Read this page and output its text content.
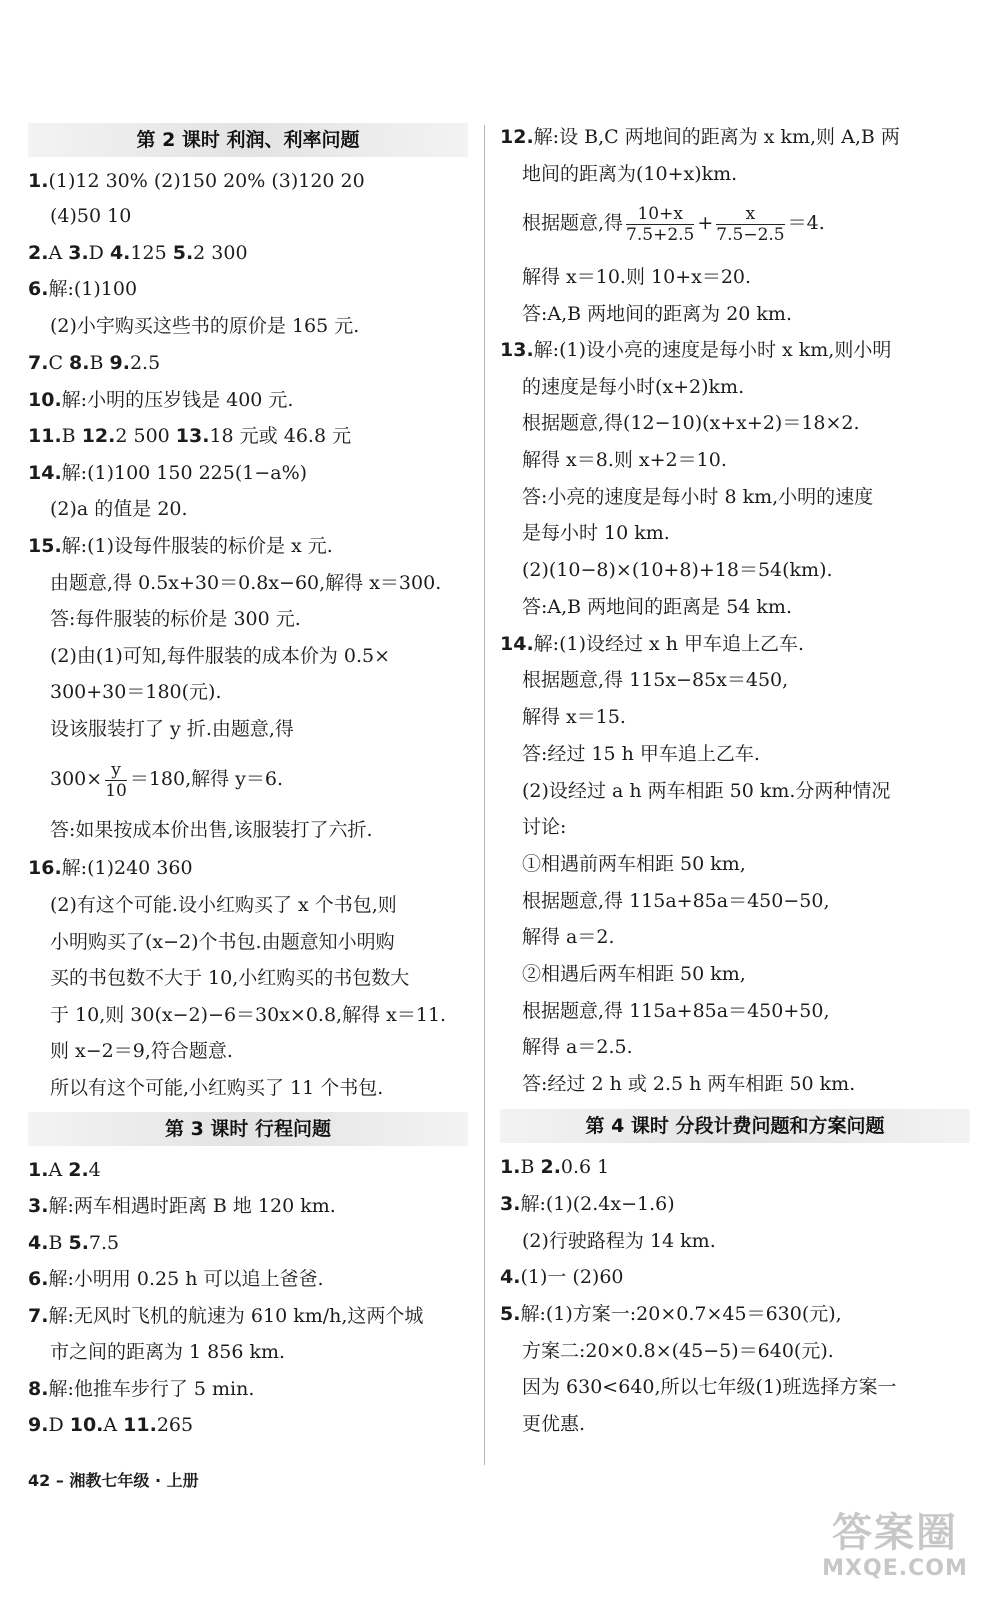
第 2 课时 利润、利率问题
1.(1)12 30% (2)150 20% (3)120 20
(4)50 10
2.A 3.D 4.125 5.2 300
6.解:(1)100
(2)小宇购买这些书的原价是 165 元.
7.C 8.B 9.2.5
10.解:小明的压岁钱是 400 元.
11.B 12.2 500 13.18 元或 46.8 元
14.解:(1)100 150 225(1−a%)
(2)a 的值是 20.
15.解:(1)设每件服装的标价是 x 元.
由题意,得 0.5x+30＝0.8x−60,解得 x＝300.
答:每件服装的标价是 300 元.
(2)由(1)可知,每件服装的成本价为 0.5×
300+30＝180(元).
设该服装打了 y 折.由题意,得
$300\times \frac{y}{10} =180$,解得 y＝6.
答:如果按成本价出售,该服装打了六折.
16.解:(1)240 360
(2)有这个可能.设小红购买了 x 个书包,则
小明购买了(x−2)个书包.由题意知小明购
买的书包数不大于 10,小红购买的书包数大
于 10,则 30(x−2)−6＝30x×0.8,解得 x＝11.
则 x−2＝9,符合题意.
所以有这个可能,小红购买了 11 个书包.
第 3 课时 行程问题
1.A 2.4
3.解:两车相遇时距离 B 地 120 km.
4.B 5.7.5
6.解:小明用 0.25 h 可以追上爸爸.
7.解:无风时飞机的航速为 610 km/h,这两个城
市之间的距离为 1 856 km.
8.解:他推车步行了 5 min.
9.D 10.A 11.265
42 – 湘教七年级 · 上册
12.解:设 B,C 两地间的距离为 x km,则 A,B 两
地间的距离为(10+x)km.
根据题意,得 $\frac{10+x}{7.5+2.5} + \frac{x}{7.5-2.5} =4$.
解得 x＝10.则 10+x＝20.
答:A,B 两地间的距离为 20 km.
13.解:(1)设小亮的速度是每小时 x km,则小明
的速度是每小时(x+2)km.
根据题意,得(12−10)(x+x+2)＝18×2.
解得 x＝8.则 x+2＝10.
答:小亮的速度是每小时 8 km,小明的速度
是每小时 10 km.
(2)(10−8)×(10+8)+18＝54(km).
答:A,B 两地间的距离是 54 km.
14.解:(1)设经过 x h 甲车追上乙车.
根据题意,得 115x−85x＝450,
解得 x＝15.
答:经过 15 h 甲车追上乙车.
(2)设经过 a h 两车相距 50 km.分两种情况
讨论:
①相遇前两车相距 50 km,
根据题意,得 115a+85a＝450−50,
解得 a＝2.
②相遇后两车相距 50 km,
根据题意,得 115a+85a＝450+50,
解得 a＝2.5.
答:经过 2 h 或 2.5 h 两车相距 50 km.
第 4 课时 分段计费问题和方案问题
1.B 2.0.6 1
3.解:(1)(2.4x−1.6)
(2)行驶路程为 14 km.
4.(1)一 (2)60
5.解:(1)方案一:20×0.7×45＝630(元),
方案二:20×0.8×(45−5)＝640(元).
因为 630<640,所以七年级(1)班选择方案一
更优惠.
答案圈
MXQE.COM
